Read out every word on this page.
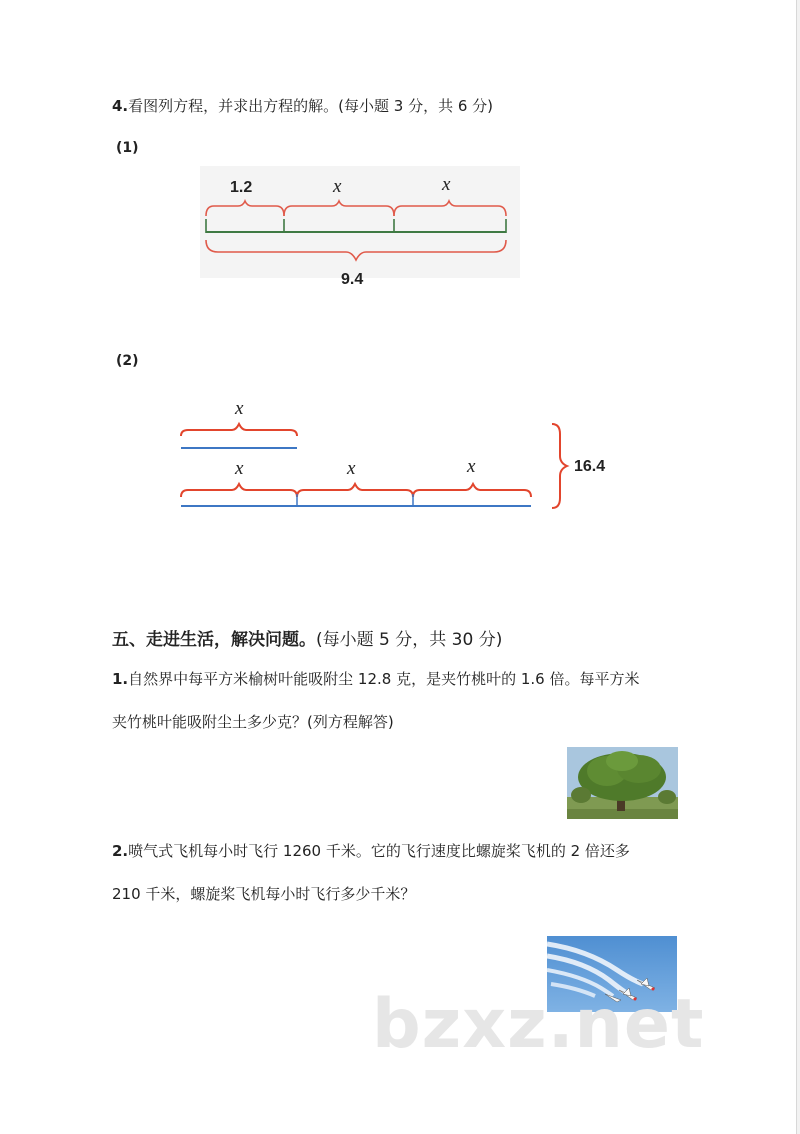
4.看图列方程，并求出方程的解。(每小题 3 分，共 6 分)
(1)
1.2	x	x
9.4
(2)
x
x	x	x	16.4
五、走进生活，解决问题。(每小题 5 分，共 30 分)
1.自然界中每平方米榆树叶能吸附尘 12.8 克，是夹竹桃叶的 1.6 倍。每平方米
夹竹桃叶能吸附尘土多少克？(列方程解答)
2.喷气式飞机每小时飞行 1260 千米。它的飞行速度比螺旋桨飞机的 2 倍还多
210 千米，螺旋桨飞机每小时飞行多少千米？
bzxz.net
